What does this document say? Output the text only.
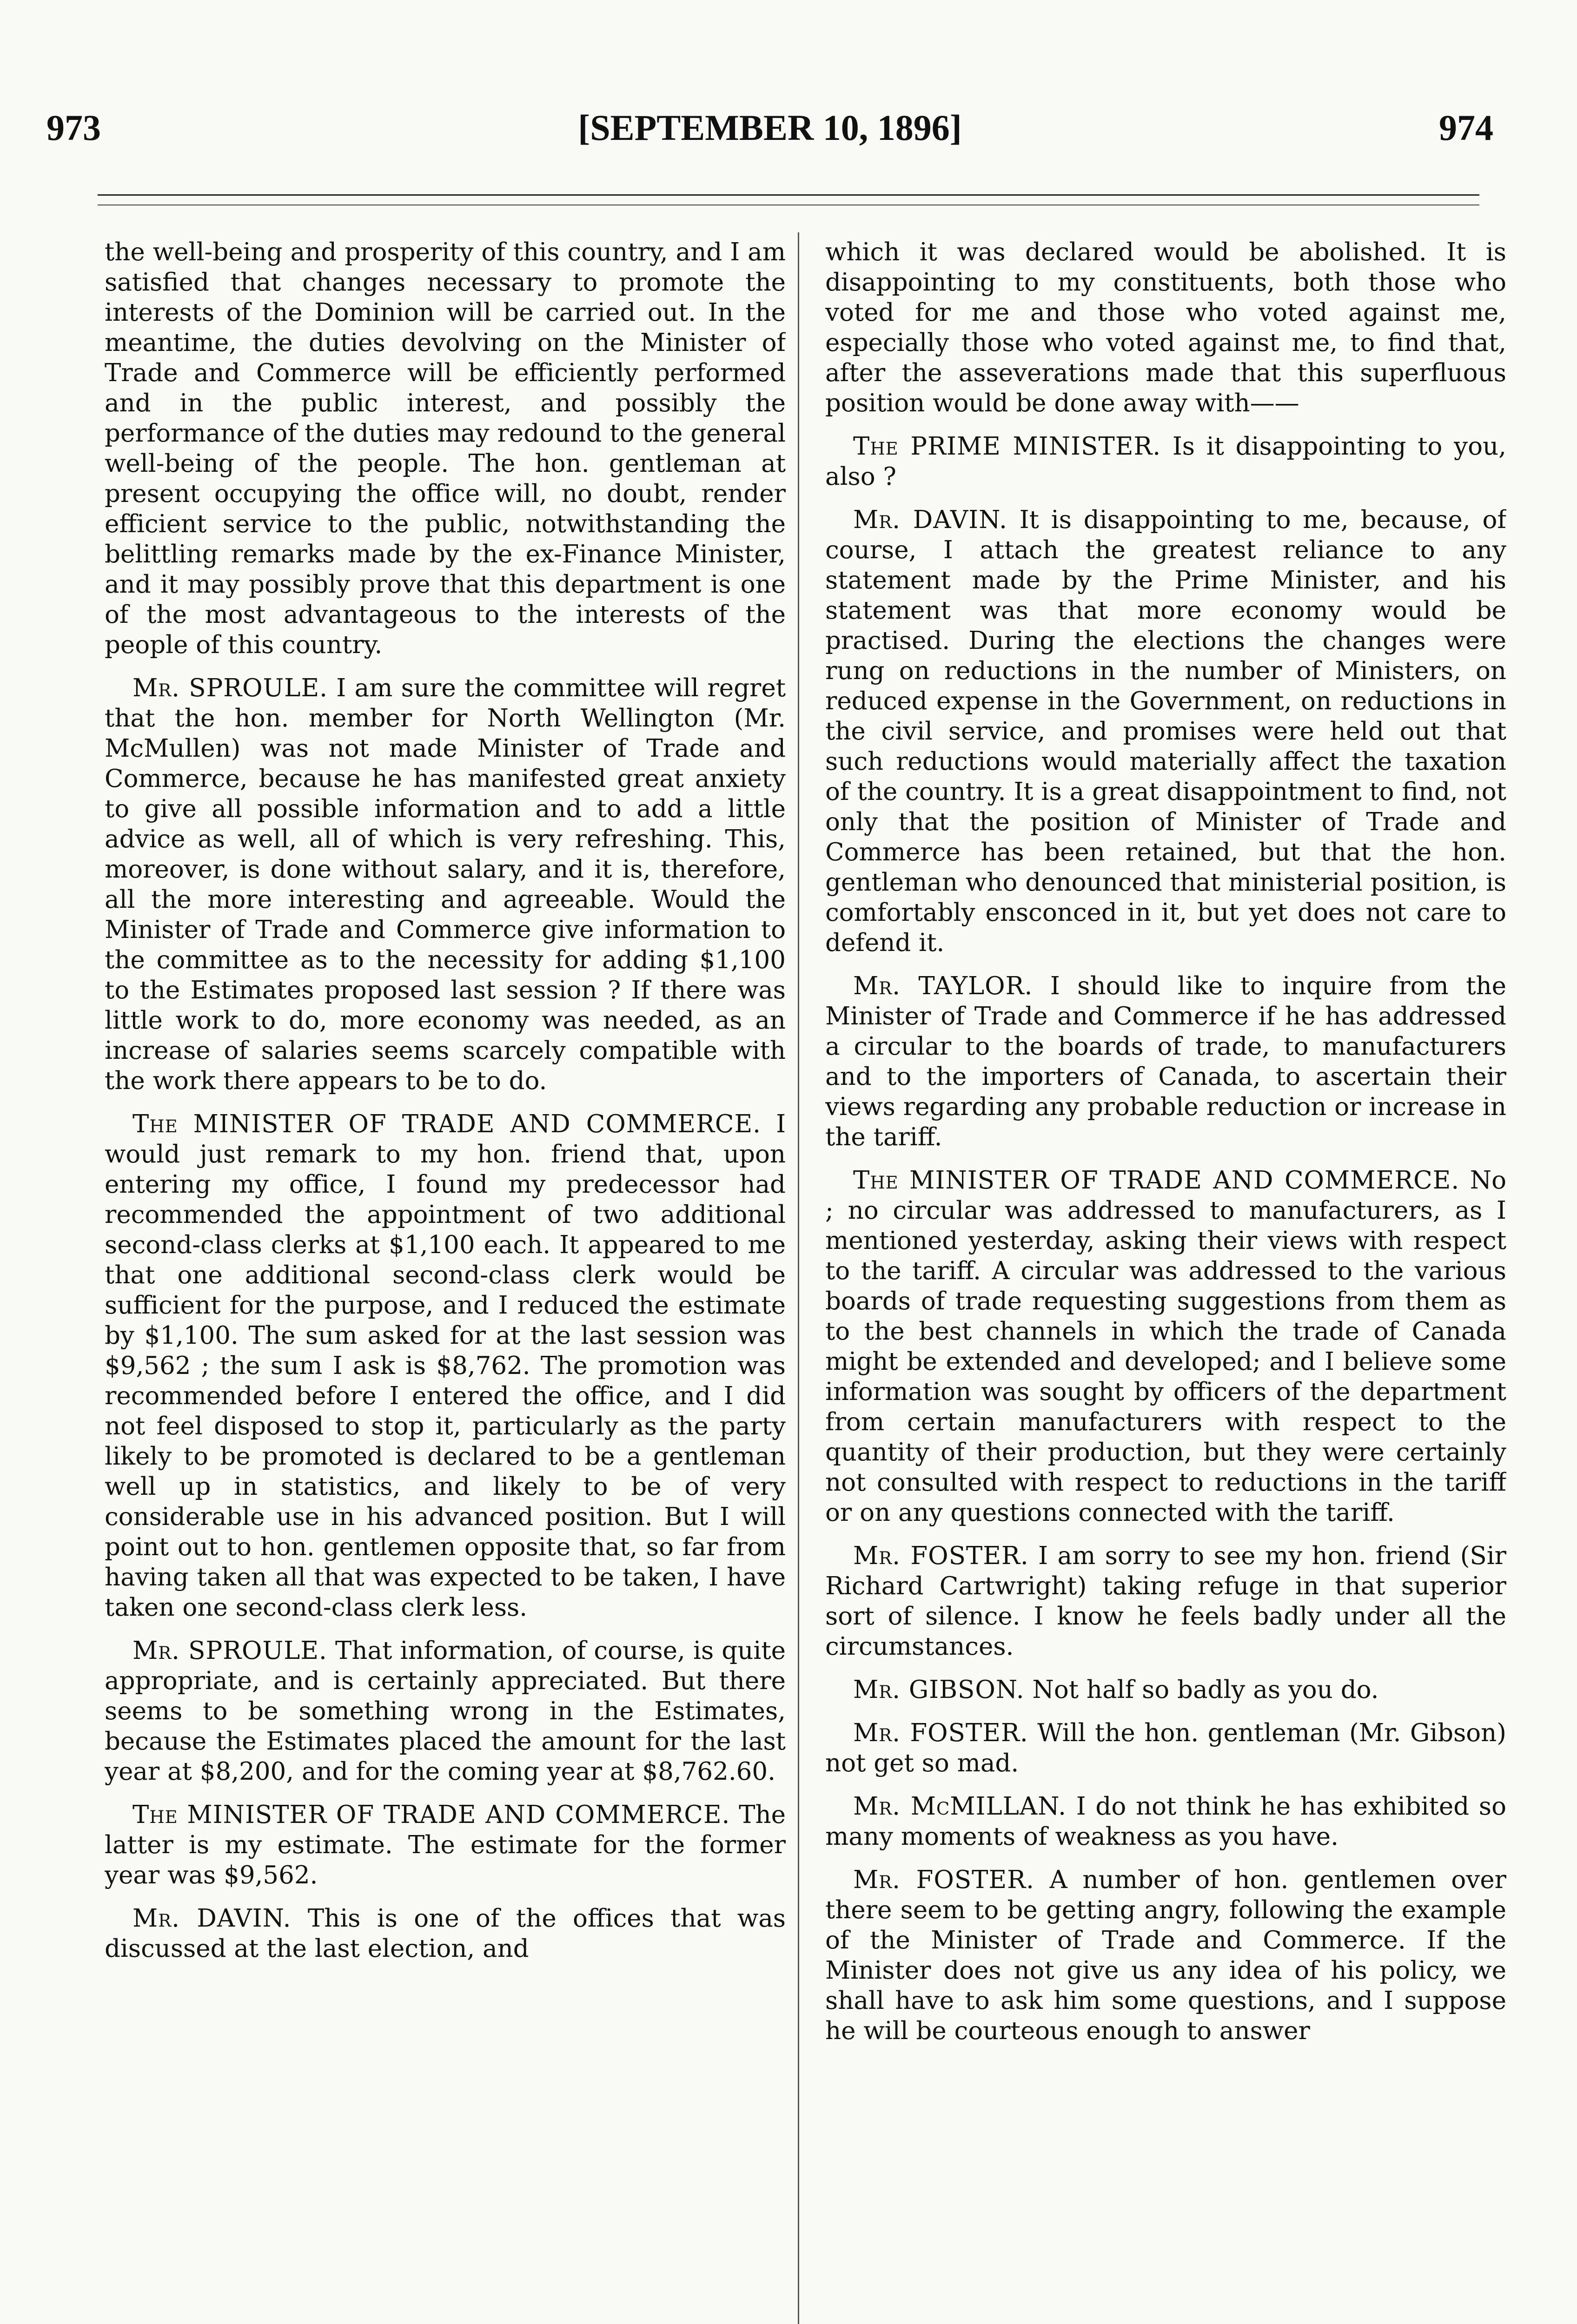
973	[SEPTEMBER 10, 1896]	974

the well-being and prosperity of this country, and I am satisfied that changes necessary to promote the interests of the Dominion will be carried out. In the meantime, the duties devolving on the Minister of Trade and Commerce will be efficiently performed and in the public interest, and possibly the performance of the duties may redound to the general well-being of the people. The hon. gentleman at present occupying the office will, no doubt, render efficient service to the public, notwithstanding the belittling remarks made by the ex-Finance Minister, and it may possibly prove that this department is one of the most advantageous to the interests of the people of this country.

Mr. SPROULE. I am sure the committee will regret that the hon. member for North Wellington (Mr. McMullen) was not made Minister of Trade and Commerce, because he has manifested great anxiety to give all possible information and to add a little advice as well, all of which is very refreshing. This, moreover, is done without salary, and it is, therefore, all the more interesting and agreeable. Would the Minister of Trade and Commerce give information to the committee as to the necessity for adding $1,100 to the Estimates proposed last session ? If there was little work to do, more economy was needed, as an increase of salaries seems scarcely compatible with the work there appears to be to do.

The MINISTER OF TRADE AND COMMERCE. I would just remark to my hon. friend that, upon entering my office, I found my predecessor had recommended the appointment of two additional second-class clerks at $1,100 each. It appeared to me that one additional second-class clerk would be sufficient for the purpose, and I reduced the estimate by $1,100. The sum asked for at the last session was $9,562 ; the sum I ask is $8,762. The promotion was recommended before I entered the office, and I did not feel disposed to stop it, particularly as the party likely to be promoted is declared to be a gentleman well up in statistics, and likely to be of very considerable use in his advanced position. But I will point out to hon. gentlemen opposite that, so far from having taken all that was expected to be taken, I have taken one second-class clerk less.

Mr. SPROULE. That information, of course, is quite appropriate, and is certainly appreciated. But there seems to be something wrong in the Estimates, because the Estimates placed the amount for the last year at $8,200, and for the coming year at $8,762.60.

The MINISTER OF TRADE AND COMMERCE. The latter is my estimate. The estimate for the former year was $9,562.

Mr. DAVIN. This is one of the offices that was discussed at the last election, and

which it was declared would be abolished. It is disappointing to my constituents, both those who voted for me and those who voted against me, especially those who voted against me, to find that, after the asseverations made that this superfluous position would be done away with——

The PRIME MINISTER. Is it disappointing to you, also ?

Mr. DAVIN. It is disappointing to me, because, of course, I attach the greatest reliance to any statement made by the Prime Minister, and his statement was that more economy would be practised. During the elections the changes were rung on reductions in the number of Ministers, on reduced expense in the Government, on reductions in the civil service, and promises were held out that such reductions would materially affect the taxation of the country. It is a great disappointment to find, not only that the position of Minister of Trade and Commerce has been retained, but that the hon. gentleman who denounced that ministerial position, is comfortably ensconced in it, but yet does not care to defend it.

Mr. TAYLOR. I should like to inquire from the Minister of Trade and Commerce if he has addressed a circular to the boards of trade, to manufacturers and to the importers of Canada, to ascertain their views regarding any probable reduction or increase in the tariff.

The MINISTER OF TRADE AND COMMERCE. No ; no circular was addressed to manufacturers, as I mentioned yesterday, asking their views with respect to the tariff. A circular was addressed to the various boards of trade requesting suggestions from them as to the best channels in which the trade of Canada might be extended and developed; and I believe some information was sought by officers of the department from certain manufacturers with respect to the quantity of their production, but they were certainly not consulted with respect to reductions in the tariff or on any questions connected with the tariff.

Mr. FOSTER. I am sorry to see my hon. friend (Sir Richard Cartwright) taking refuge in that superior sort of silence. I know he feels badly under all the circumstances.

Mr. GIBSON. Not half so badly as you do.

Mr. FOSTER. Will the hon. gentleman (Mr. Gibson) not get so mad.

Mr. McMILLAN. I do not think he has exhibited so many moments of weakness as you have.

Mr. FOSTER. A number of hon. gentlemen over there seem to be getting angry, following the example of the Minister of Trade and Commerce. If the Minister does not give us any idea of his policy, we shall have to ask him some questions, and I suppose he will be courteous enough to answer
